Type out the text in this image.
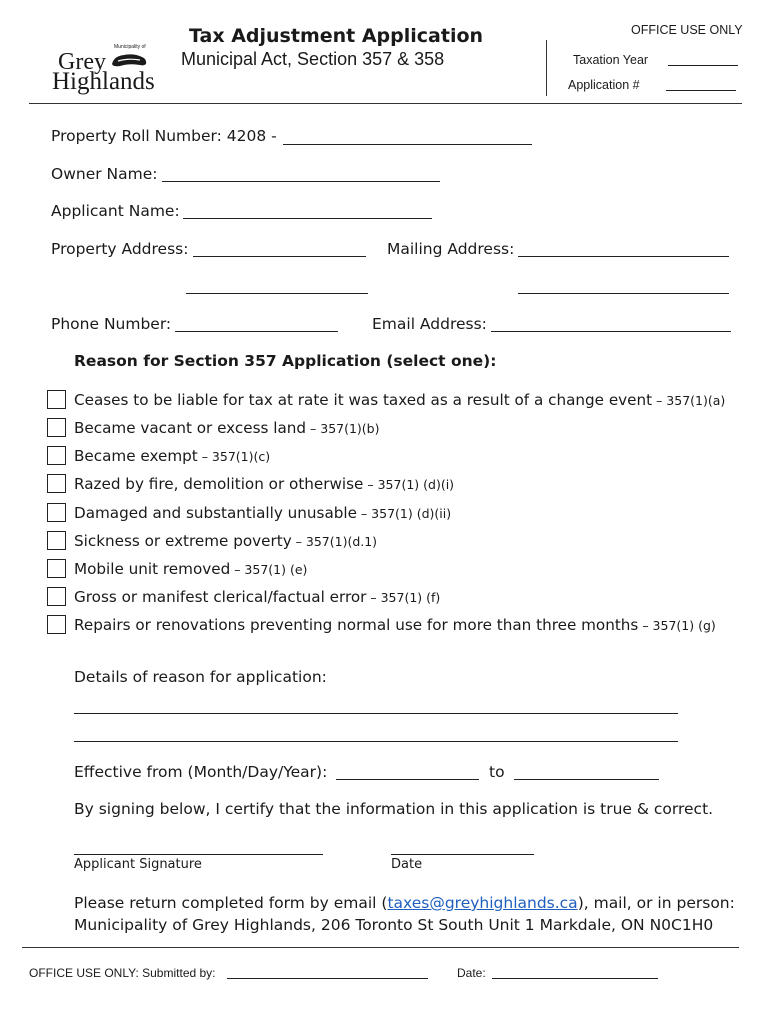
Municipality of
Grey
Highlands
Tax Adjustment Application
Municipal Act, Section 357 & 358
OFFICE USE ONLY
Taxation Year
Application #
Property Roll Number: 4208 -
Owner Name:
Applicant Name:
Property Address:	Mailing Address:
Phone Number:	Email Address:
Reason for Section 357 Application (select one):
Ceases to be liable for tax at rate it was taxed as a result of a change event – 357(1)(a)
Became vacant or excess land – 357(1)(b)
Became exempt – 357(1)(c)
Razed by fire, demolition or otherwise – 357(1) (d)(i)
Damaged and substantially unusable – 357(1) (d)(ii)
Sickness or extreme poverty – 357(1)(d.1)
Mobile unit removed – 357(1) (e)
Gross or manifest clerical/factual error – 357(1) (f)
Repairs or renovations preventing normal use for more than three months – 357(1) (g)
Details of reason for application:
Effective from (Month/Day/Year):	to
By signing below, I certify that the information in this application is true & correct.
Applicant Signature	Date
Please return completed form by email (taxes@greyhighlands.ca), mail, or in person:
Municipality of Grey Highlands, 206 Toronto St South Unit 1 Markdale, ON N0C1H0
OFFICE USE ONLY: Submitted by:	Date:
